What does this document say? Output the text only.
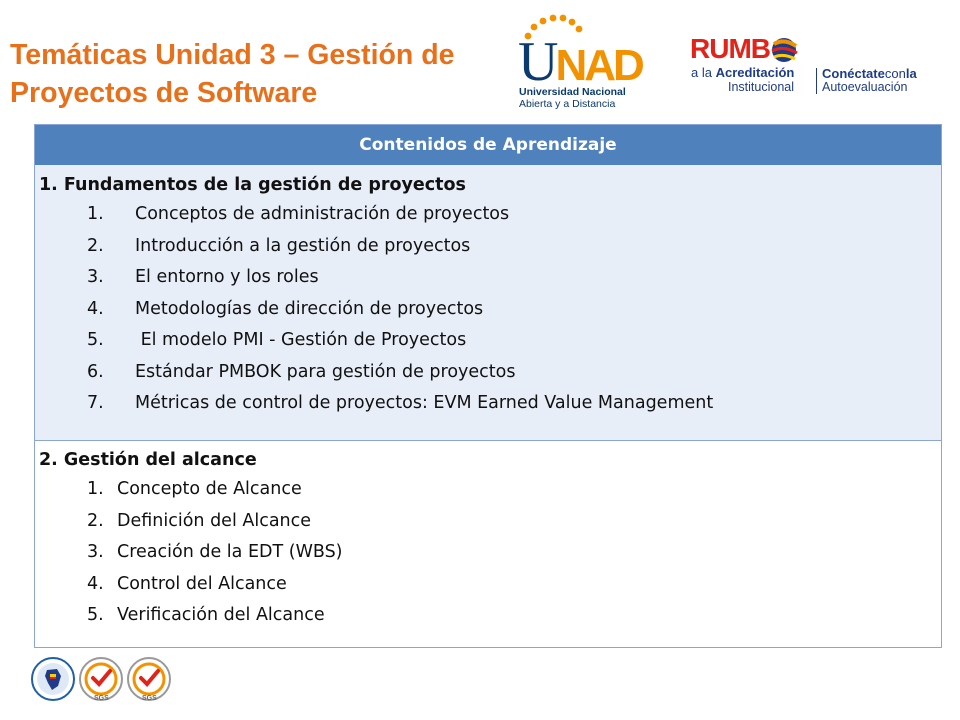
Temáticas Unidad 3 – Gestión de
Proyectos de Software	UNAD
Universidad Nacional
Abierta y a Distancia
RUMB
a la Acreditación
Institucional
Conéctateconla
Autoevaluación
Contenidos de Aprendizaje
1. Fundamentos de la gestión de proyectos
1. Conceptos de administración de proyectos
2. Introducción a la gestión de proyectos
3. El entorno y los roles
4. Metodologías de dirección de proyectos
5. El modelo PMI - Gestión de Proyectos
6. Estándar PMBOK para gestión de proyectos
7. Métricas de control de proyectos: EVM Earned Value Management
2. Gestión del alcance
1. Concepto de Alcance
2. Definición del Alcance
3. Creación de la EDT (WBS)
4. Control del Alcance
5. Verificación del Alcance
SGS	SGS
